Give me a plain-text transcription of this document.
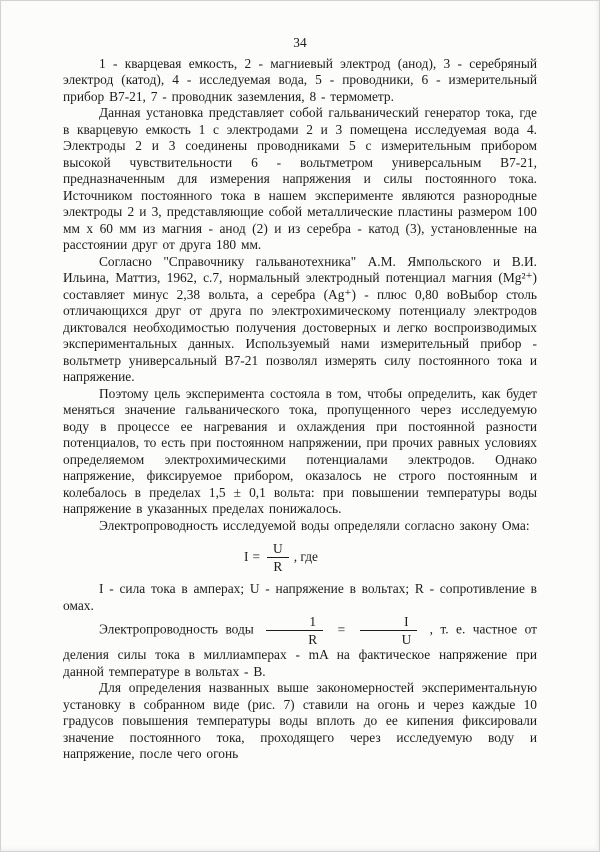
34

1 - кварцевая емкость, 2 - магниевый электрод (анод), 3 - серебряный электрод (катод), 4 - исследуемая вода, 5 - проводники, 6 - измерительный прибор В7-21, 7 - проводник заземления, 8 - термометр.

Данная установка представляет собой гальванический генератор тока, где в кварцевую емкость 1 с электродами 2 и 3 помещена исследуемая вода 4. Электроды 2 и 3 соединены проводниками 5 с измерительным прибором высокой чувствительности 6 - вольтметром универсальным В7-21, предназначенным для измерения напряжения и силы постоянного тока. Источником постоянного тока в нашем эксперименте являются разнородные электроды 2 и 3, представляющие собой металлические пластины размером 100 мм х 60 мм из магния - анод (2) и из серебра - катод (3), установленные на расстоянии друг от друга 180 мм.

Согласно "Справочнику гальванотехника" А.М. Ямпольского и В.И. Ильина, Маттиз, 1962, с.7, нормальный электродный потенциал магния (Mg²⁺) составляет минус 2,38 вольта, а серебра (Ag⁺) - плюс 0,80 воВыбор столь отличающихся друг от друга по электрохимическому потенциалу электродов диктовался необходимостью получения достоверных и легко воспроизводимых экспериментальных данных. Используемый нами измерительный прибор - вольтметр универсальный В7-21 позволял измерять силу постоянного тока и напряжение.

Поэтому цель эксперимента состояла в том, чтобы определить, как будет меняться значение гальванического тока, пропущенного через исследуемую воду в процессе ее нагревания и охлаждения при постоянной разности потенциалов, то есть при постоянном напряжении, при прочих равных условиях определяемом электрохимическими потенциалами электродов. Однако напряжение, фиксируемое прибором, оказалось не строго постоянным и колебалось в пределах 1,5 ± 0,1 вольта: при повышении температуры воды напряжение в указанных пределах понижалось.

Электропроводность исследуемой воды определяли согласно закону Ома:

$I = \frac{U}{R}$ , где

I - сила тока в амперах; U - напряжение в вольтах; R - сопротивление в омах.

Электропроводность воды $\frac{1}{R} = \frac{I}{U}$ , т. е. частное от деления силы тока в миллиамперах - mA на фактическое напряжение при данной температуре в вольтах - В.

Для определения названных выше закономерностей экспериментальную установку в собранном виде (рис. 7) ставили на огонь и через каждые 10 градусов повышения температуры воды вплоть до ее кипения фиксировали значение постоянного тока, проходящего через исследуемую воду и напряжение, после чего огонь
